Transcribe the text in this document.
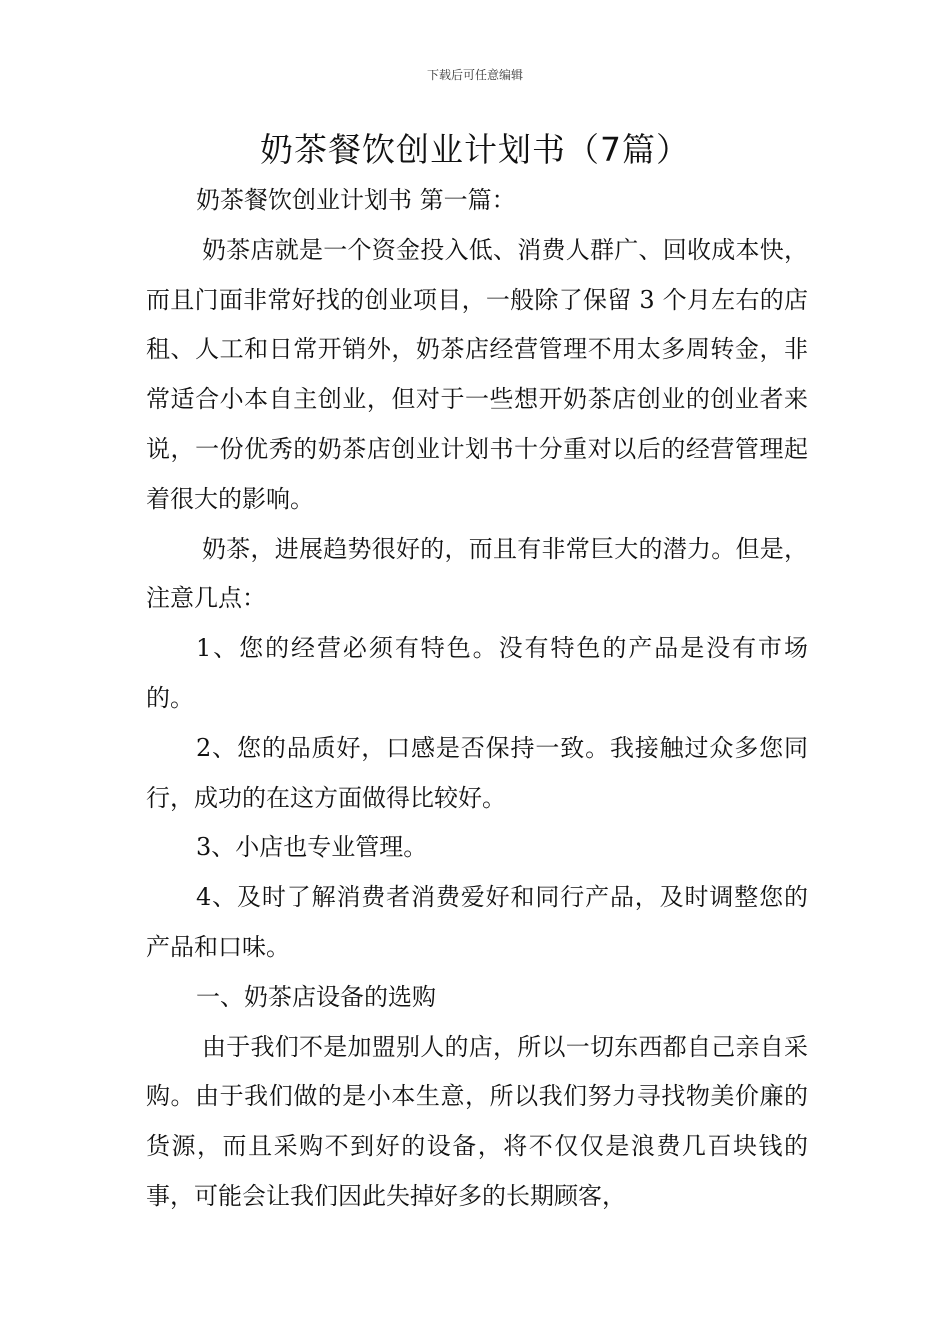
下载后可任意编辑
奶茶餐饮创业计划书（7篇）

奶茶餐饮创业计划书 第一篇：

奶茶店就是一个资金投入低、消费人群广、回收成本快，而且门面非常好找的创业项目，一般除了保留 3 个月左右的店租、人工和日常开销外，奶茶店经营管理不用太多周转金，非常适合小本自主创业，但对于一些想开奶茶店创业的创业者来说，一份优秀的奶茶店创业计划书十分重对以后的经营管理起着很大的影响。

奶茶，进展趋势很好的，而且有非常巨大的潜力。但是，注意几点：

1、您的经营必须有特色。没有特色的产品是没有市场的。

2、您的品质好，口感是否保持一致。我接触过众多您同行，成功的在这方面做得比较好。

3、小店也专业管理。

4、及时了解消费者消费爱好和同行产品，及时调整您的产品和口味。

一、奶茶店设备的选购

由于我们不是加盟别人的店，所以一切东西都自己亲自采购。由于我们做的是小本生意，所以我们努力寻找物美价廉的货源，而且采购不到好的设备，将不仅仅是浪费几百块钱的事，可能会让我们因此失掉好多的长期顾客，
